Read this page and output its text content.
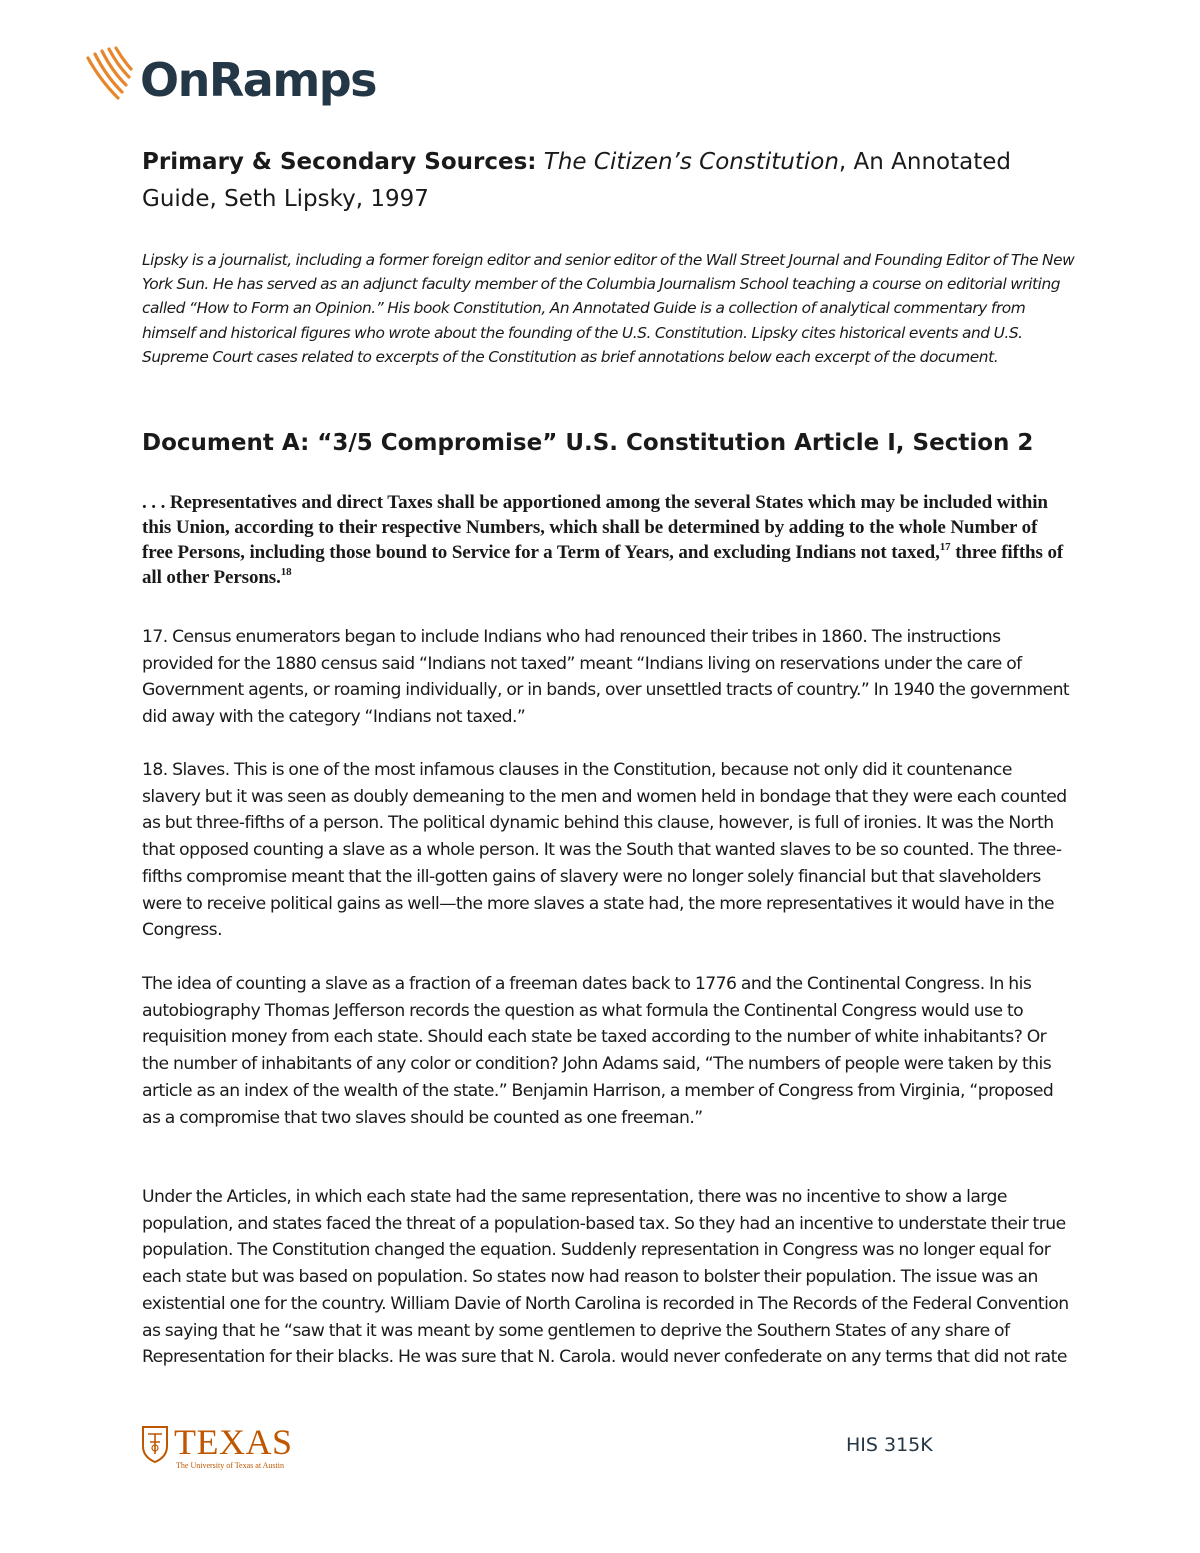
OnRamps
Primary & Secondary Sources: The Citizen’s Constitution, An Annotated Guide, Seth Lipsky, 1997
Lipsky is a journalist, including a former foreign editor and senior editor of the Wall Street Journal and Founding Editor of The New York Sun. He has served as an adjunct faculty member of the Columbia Journalism School teaching a course on editorial writing called “How to Form an Opinion.” His book Constitution, An Annotated Guide is a collection of analytical commentary from himself and historical figures who wrote about the founding of the U.S. Constitution. Lipsky cites historical events and U.S. Supreme Court cases related to excerpts of the Constitution as brief annotations below each excerpt of the document.
Document A: “3/5 Compromise” U.S. Constitution Article I, Section 2
. . . Representatives and direct Taxes shall be apportioned among the several States which may be included within this Union, according to their respective Numbers, which shall be determined by adding to the whole Number of free Persons, including those bound to Service for a Term of Years, and excluding Indians not taxed,$^{17}$ three fifths of all other Persons.$^{18}$
17. Census enumerators began to include Indians who had renounced their tribes in 1860. The instructions provided for the 1880 census said “Indians not taxed” meant “Indians living on reservations under the care of Government agents, or roaming individually, or in bands, over unsettled tracts of country.” In 1940 the government did away with the category “Indians not taxed.”
18. Slaves. This is one of the most infamous clauses in the Constitution, because not only did it countenance slavery but it was seen as doubly demeaning to the men and women held in bondage that they were each counted as but three-fifths of a person. The political dynamic behind this clause, however, is full of ironies. It was the North that opposed counting a slave as a whole person. It was the South that wanted slaves to be so counted. The three-fifths compromise meant that the ill-gotten gains of slavery were no longer solely financial but that slaveholders were to receive political gains as well—the more slaves a state had, the more representatives it would have in the Congress.
The idea of counting a slave as a fraction of a freeman dates back to 1776 and the Continental Congress. In his autobiography Thomas Jefferson records the question as what formula the Continental Congress would use to requisition money from each state. Should each state be taxed according to the number of white inhabitants? Or the number of inhabitants of any color or condition? John Adams said, “The numbers of people were taken by this article as an index of the wealth of the state.” Benjamin Harrison, a member of Congress from Virginia, “proposed as a compromise that two slaves should be counted as one freeman.”
Under the Articles, in which each state had the same representation, there was no incentive to show a large population, and states faced the threat of a population-based tax. So they had an incentive to understate their true population. The Constitution changed the equation. Suddenly representation in Congress was no longer equal for each state but was based on population. So states now had reason to bolster their population. The issue was an existential one for the country. William Davie of North Carolina is recorded in The Records of the Federal Convention as saying that he “saw that it was meant by some gentlemen to deprive the Southern States of any share of Representation for their blacks. He was sure that N. Carola. would never confederate on any terms that did not rate
TEXAS
The University of Texas at Austin
HIS 315K
